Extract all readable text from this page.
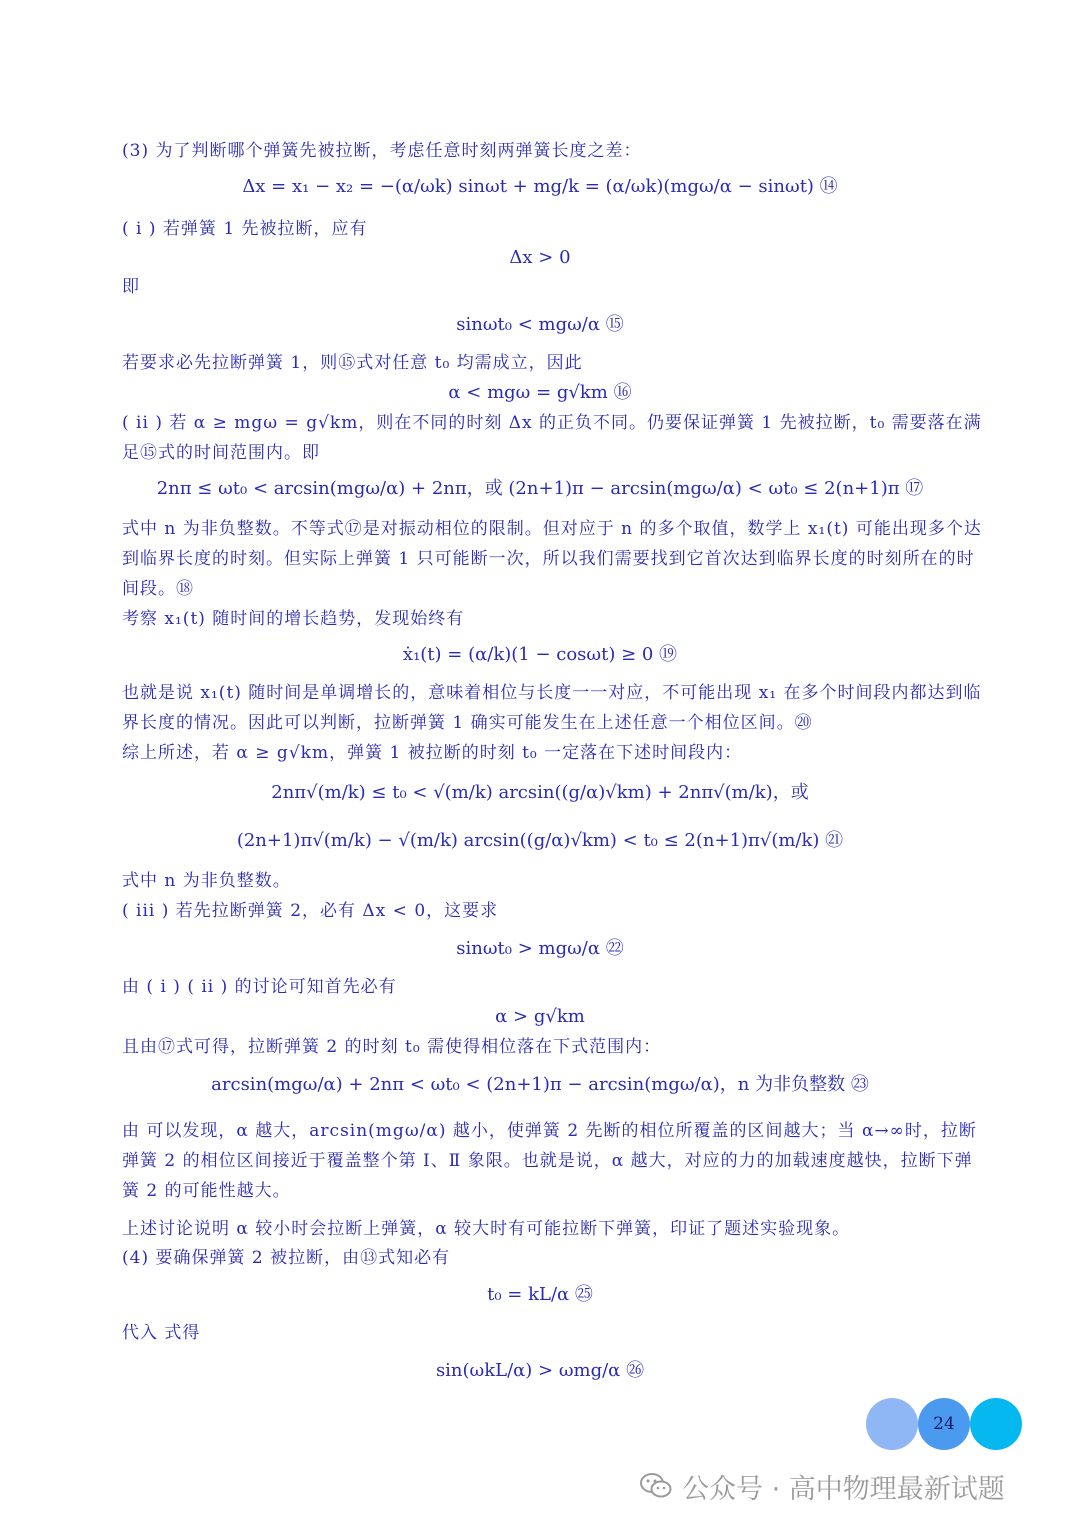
(3) 为了判断哪个弹簧先被拉断，考虑任意时刻两弹簧长度之差：
Δx = x₁ − x₂ = −(α/ωk) sinωt + mg/k = (α/ωk)(mgω/α − sinωt) ⑭
( i ) 若弹簧 1 先被拉断，应有
Δx > 0
即
sinωt₀ < mgω/α ⑮
若要求必先拉断弹簧 1，则⑮式对任意 t₀ 均需成立，因此
α < mgω = g√km ⑯
( ii ) 若 α ≥ mgω = g√km，则在不同的时刻 Δx 的正负不同。仍要保证弹簧 1 先被拉断，t₀ 需要落在满足⑮式的时间范围内。即
2nπ ≤ ωt₀ < arcsin(mgω/α) + 2nπ，或 (2n+1)π − arcsin(mgω/α) < ωt₀ ≤ 2(n+1)π ⑰
式中 n 为非负整数。不等式⑰是对振动相位的限制。但对应于 n 的多个取值，数学上 x₁(t) 可能出现多个达到临界长度的时刻。但实际上弹簧 1 只可能断一次，所以我们需要找到它首次达到临界长度的时刻所在的时间段。⑱
考察 x₁(t) 随时间的增长趋势，发现始终有
ẋ₁(t) = (α/k)(1 − cosωt) ≥ 0 ⑲
也就是说 x₁(t) 随时间是单调增长的，意味着相位与长度一一对应，不可能出现 x₁ 在多个时间段内都达到临界长度的情况。因此可以判断，拉断弹簧 1 确实可能发生在上述任意一个相位区间。⑳
综上所述，若 α ≥ g√km，弹簧 1 被拉断的时刻 t₀ 一定落在下述时间段内：
2nπ√(m/k) ≤ t₀ < √(m/k) arcsin((g/α)√km) + 2nπ√(m/k)，或
(2n+1)π√(m/k) − √(m/k) arcsin((g/α)√km) < t₀ ≤ 2(n+1)π√(m/k) ㉑
式中 n 为非负整数。
( iii ) 若先拉断弹簧 2，必有 Δx < 0，这要求
sinωt₀ > mgω/α ㉒
由 ( i ) ( ii ) 的讨论可知首先必有
α > g√km
且由⑰式可得，拉断弹簧 2 的时刻 t₀ 需使得相位落在下式范围内：
arcsin(mgω/α) + 2nπ < ωt₀ < (2n+1)π − arcsin(mgω/α)，n 为非负整数 ㉓
由 可以发现，α 越大，arcsin(mgω/α) 越小，使弹簧 2 先断的相位所覆盖的区间越大；当 α→∞时，拉断弹簧 2 的相位区间接近于覆盖整个第 Ⅰ、Ⅱ 象限。也就是说，α 越大，对应的力的加载速度越快，拉断下弹簧 2 的可能性越大。
上述讨论说明 α 较小时会拉断上弹簧，α 较大时有可能拉断下弹簧，印证了题述实验现象。
(4) 要确保弹簧 2 被拉断，由⑬式知必有
t₀ = kL/α ㉕
代入 式得
sin(ωkL/α) > ωmg/α ㉖
24
公众号 · 高中物理最新试题
